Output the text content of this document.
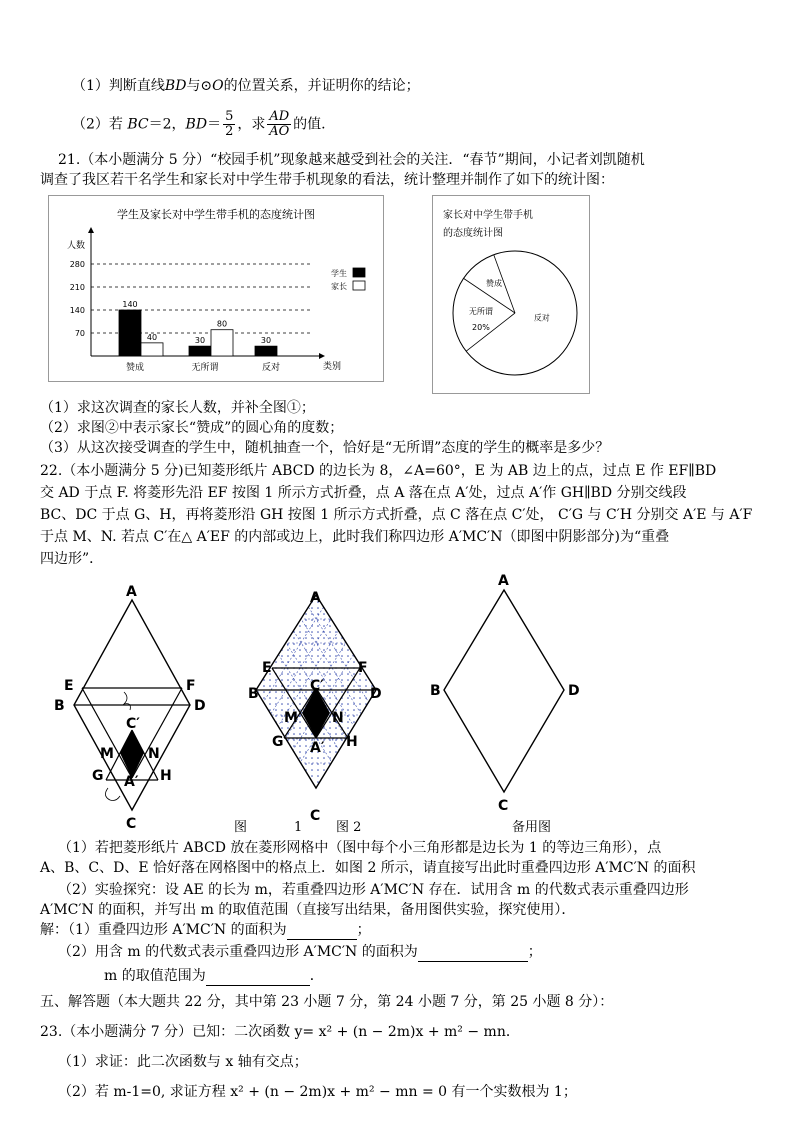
（1）判断直线BD与⊙O的位置关系，并证明你的结论；
（2）若 BC＝2，$BD= \frac{5}{2}$ ，求 $\frac{AD}{AO}$ 的值.
21.（本小题满分 5 分）“校园手机”现象越来越受到社会的关注．“春节”期间，小记者刘凯随机
调查了我区若干名学生和家长对中学生带手机现象的看法，统计整理并制作了如下的统计图：
学生及家长对中学生带手机的态度统计图
人数
类别
70
140
210
280
赞成
140
40
无所谓
30
80
反对
30
学生
家长
家长对中学生带手机
的态度统计图
赞成
反对
无所谓
20%
（1）求这次调查的家长人数，并补全图①；
（2）求图②中表示家长“赞成”的圆心角的度数；
（3）从这次接受调查的学生中，随机抽查一个，恰好是“无所谓”态度的学生的概率是多少？
22.（本小题满分 5 分)已知菱形纸片 ABCD 的边长为 8，∠A=60°，E 为 AB 边上的点，过点 E 作 EF∥BD
交 AD 于点 F. 将菱形先沿 EF 按图 1 所示方式折叠，点 A 落在点 A′处，过点 A′作 GH∥BD 分别交线段
BC、DC 于点 G、H，再将菱形沿 GH 按图 1 所示方式折叠，点 C 落在点 C′处， C′G 与 C′H 分别交 A′E 与 A′F
于点 M、N. 若点 C′在△ A′EF 的内部或边上，此时我们称四边形 A′MC′N（即图中阴影部分)为“重叠
四边形”．
A
E	F
B	D
C′
M N
G A′ H
C
A
E	F
B	C′	D
M N
G A′ H
C
A
B	D
C
图	1	图 2	备用图
（1）若把菱形纸片 ABCD 放在菱形网格中（图中每个小三角形都是边长为 1 的等边三角形），点
A、B、C、D、E 恰好落在网格图中的格点上．如图 2 所示，请直接写出此时重叠四边形 A′MC′N 的面积
（2）实验探究：设 AE 的长为 m，若重叠四边形 A′MC′N 存在．试用含 m 的代数式表示重叠四边形
A′MC′N 的面积，并写出 m 的取值范围（直接写出结果，备用图供实验，探究使用）．
解：（1）重叠四边形 A′MC′N 的面积为	；
（2）用含 m 的代数式表示重叠四边形 A′MC′N 的面积为	；
m 的取值范围为	．
五、解答题（本大题共 22 分，其中第 23 小题 7 分，第 24 小题 7 分，第 25 小题 8 分）：
23.（本小题满分 7 分）已知：二次函数 y= x² + (n − 2m)x + m² − mn．
（1）求证：此二次函数与 x 轴有交点；
（2）若 m-1=0, 求证方程 x² + (n − 2m)x + m² − mn = 0 有一个实数根为 1；
